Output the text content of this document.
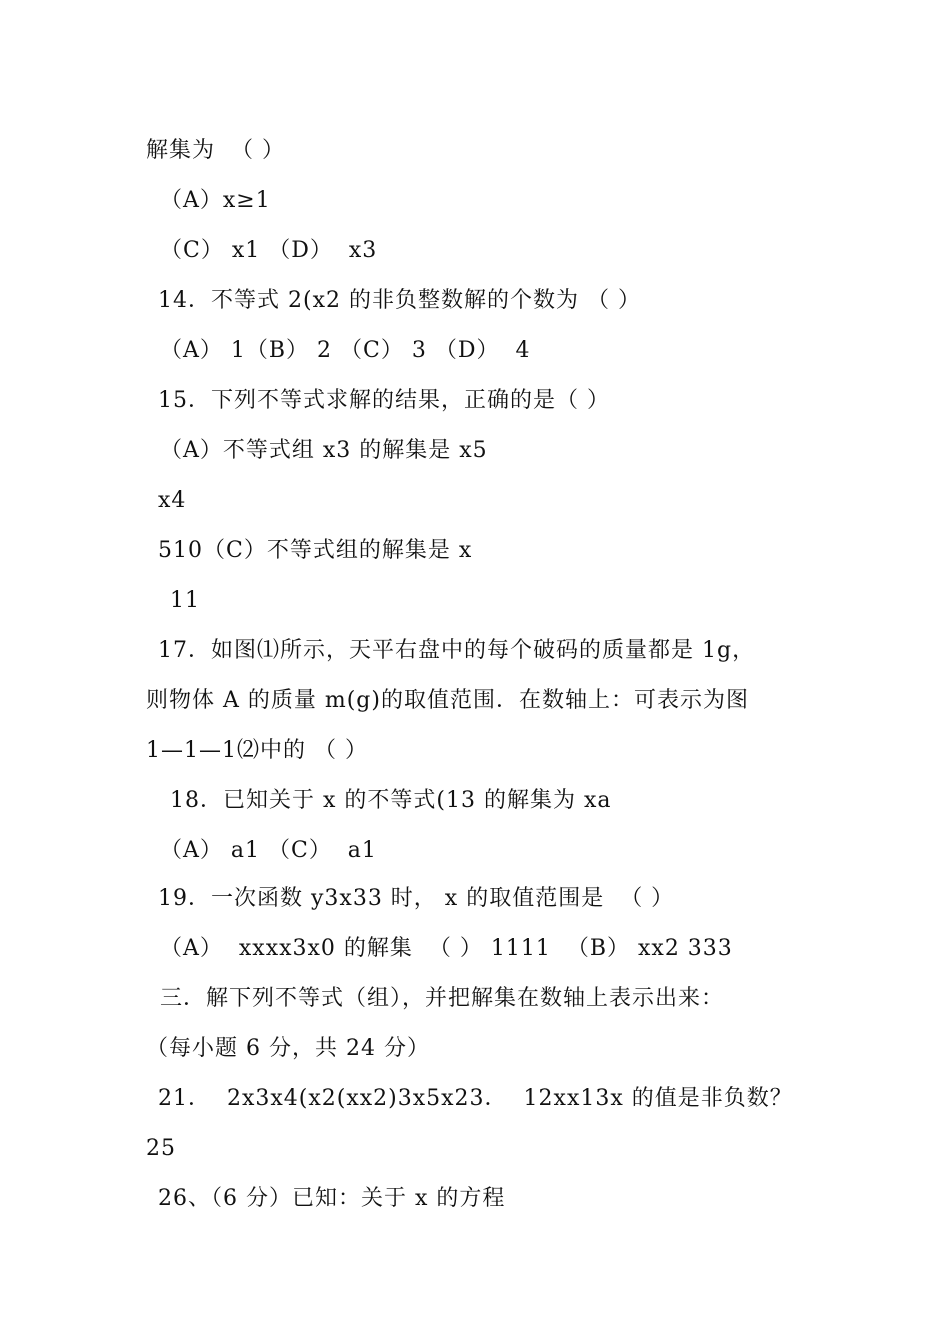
解集为  （ ）
（A）x≥1
（C） x1 （D）  x3
14．不等式 2(x2 的非负整数解的个数为 （ ）
（A） 1（B） 2 （C） 3 （D）  4
15．下列不等式求解的结果，正确的是（ ）
（A）不等式组 x3 的解集是 x5
x4
510（C）不等式组的解集是 x
11
17．如图⑴所示，天平右盘中的每个破码的质量都是 1g，
则物体 A 的质量 m(g)的取值范围．在数轴上：可表示为图
1—1—1⑵中的 （ ）
18．已知关于 x 的不等式(13 的解集为 xa
（A） a1 （C）  a1
19．一次函数 y3x33 时， x 的取值范围是  （ ）
（A）  xxxx3x0 的解集  （ ） 1111  （B） xx2 333
三．解下列不等式（组），并把解集在数轴上表示出来：
（每小题 6 分，共 24 分）
21．  2x3x4(x2(xx2)3x5x23．  12xx13x 的值是非负数？
25
26、（6 分）已知：关于 x 的方程
